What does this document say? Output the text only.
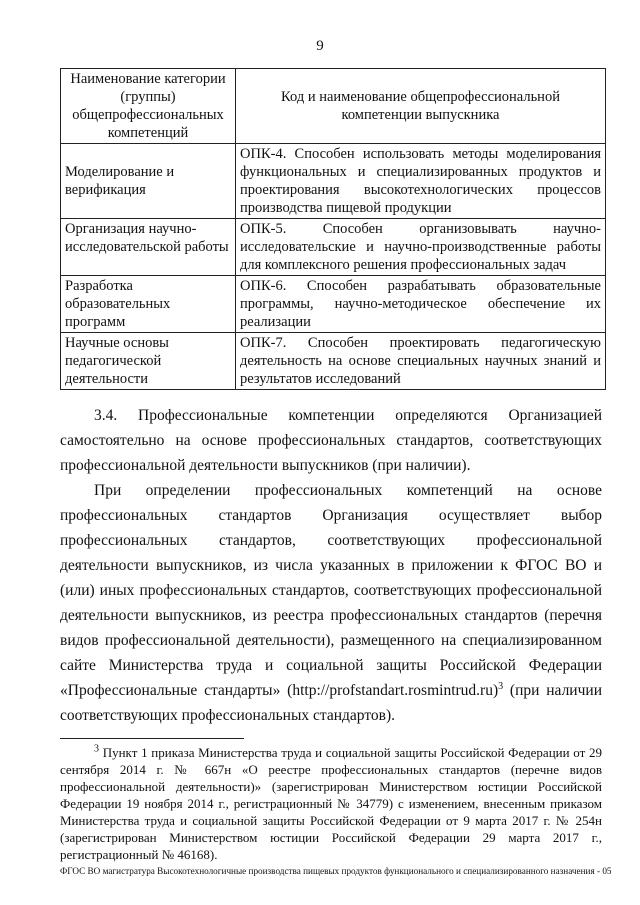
9
Наименование категории (группы) общепрофессиональных компетенций	Код и наименование общепрофессиональной компетенции выпускника
Моделирование и верификация	ОПК-4. Способен использовать методы моделирования функциональных и специализированных продуктов и проектирования высокотехнологических процессов производства пищевой продукции
Организация научно-исследовательской работы	ОПК-5. Способен организовывать научно-исследовательские и научно-производственные работы для комплексного решения профессиональных задач
Разработка образовательных программ	ОПК-6. Способен разрабатывать образовательные программы, научно-методическое обеспечение их реализации
Научные основы педагогической деятельности	ОПК-7. Способен проектировать педагогическую деятельность на основе специальных научных знаний и результатов исследований

3.4. Профессиональные компетенции определяются Организацией самостоятельно на основе профессиональных стандартов, соответствующих профессиональной деятельности выпускников (при наличии).

При определении профессиональных компетенций на основе профессиональных стандартов Организация осуществляет выбор профессиональных стандартов, соответствующих профессиональной деятельности выпускников, из числа указанных в приложении к ФГОС ВО и (или) иных профессиональных стандартов, соответствующих профессиональной деятельности выпускников, из реестра профессиональных стандартов (перечня видов профессиональной деятельности), размещенного на специализированном сайте Министерства труда и социальной защиты Российской Федерации «Профессиональные стандарты» (http://profstandart.rosmintrud.ru)$^3$ (при наличии соответствующих профессиональных стандартов).

$^3$ Пункт 1 приказа Министерства труда и социальной защиты Российской Федерации от 29 сентября 2014 г. № 667н «О реестре профессиональных стандартов (перечне видов профессиональной деятельности)» (зарегистрирован Министерством юстиции Российской Федерации 19 ноября 2014 г., регистрационный № 34779) с изменением, внесенным приказом Министерства труда и социальной защиты Российской Федерации от 9 марта 2017 г. № 254н (зарегистрирован Министерством юстиции Российской Федерации 29 марта 2017 г., регистрационный № 46168).

ФГОС ВО магистратура Высокотехнологичные производства пищевых продуктов функционального и специализированного назначения - 05
